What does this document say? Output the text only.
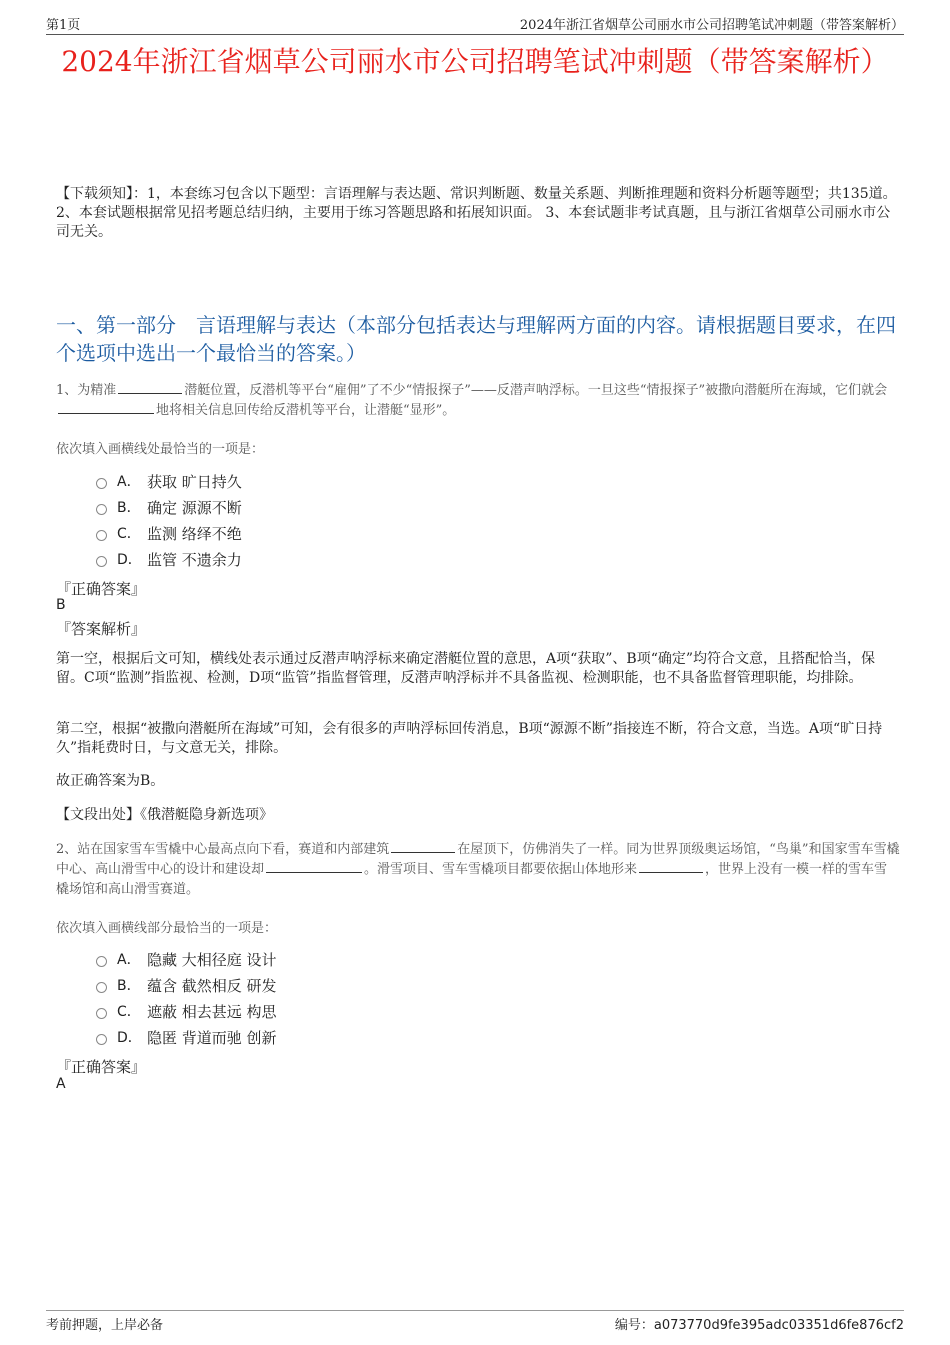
第1页	2024年浙江省烟草公司丽水市公司招聘笔试冲刺题（带答案解析）
2024年浙江省烟草公司丽水市公司招聘笔试冲刺题（带答案解析）

【下载须知】：1，本套练习包含以下题型：言语理解与表达题、常识判断题、数量关系题、判断推理题和资料分析题等题型；共135道。 2、本套试题根据常见招考题总结归纳，主要用于练习答题思路和拓展知识面。 3、本套试题非考试真题，且与浙江省烟草公司丽水市公司无关。

一、第一部分　言语理解与表达（本部分包括表达与理解两方面的内容。请根据题目要求，在四个选项中选出一个最恰当的答案。）

1、为精准	潜艇位置，反潜机等平台“雇佣”了不少“情报探子”——反潜声呐浮标。一旦这些“情报探子”被撒向潜艇所在海域，它们就会地将相关信息回传给反潜机等平台，让潜艇“显形”。

依次填入画横线处最恰当的一项是：

A． 获取 旷日持久
B． 确定 源源不断
C． 监测 络绎不绝
D． 监管 不遗余力

『正确答案』

B

『答案解析』

第一空，根据后文可知，横线处表示通过反潜声呐浮标来确定潜艇位置的意思，A项“获取”、B项“确定”均符合文意，且搭配恰当，保留。C项“监测”指监视、检测，D项“监管”指监督管理，反潜声呐浮标并不具备监视、检测职能，也不具备监督管理职能，均排除。

第二空，根据“被撒向潜艇所在海域”可知，会有很多的声呐浮标回传消息，B项“源源不断”指接连不断，符合文意，当选。A项“旷日持久”指耗费时日，与文意无关，排除。

故正确答案为B。

【文段出处】《俄潜艇隐身新选项》

2、站在国家雪车雪橇中心最高点向下看，赛道和内部建筑	在屋顶下，仿佛消失了一样。同为世界顶级奥运场馆，“鸟巢”和国家雪车雪橇中心、高山滑雪中心的设计和建设却	。滑雪项目、雪车雪橇项目都要依据山体地形来	，世界上没有一模一样的雪车雪橇场馆和高山滑雪赛道。

依次填入画横线部分最恰当的一项是：

A． 隐藏 大相径庭 设计
B． 蕴含 截然相反 研发
C． 遮蔽 相去甚远 构思
D． 隐匿 背道而驰 创新

『正确答案』

A

考前押题，上岸必备	编号：a073770d9fe395adc03351d6fe876cf2
